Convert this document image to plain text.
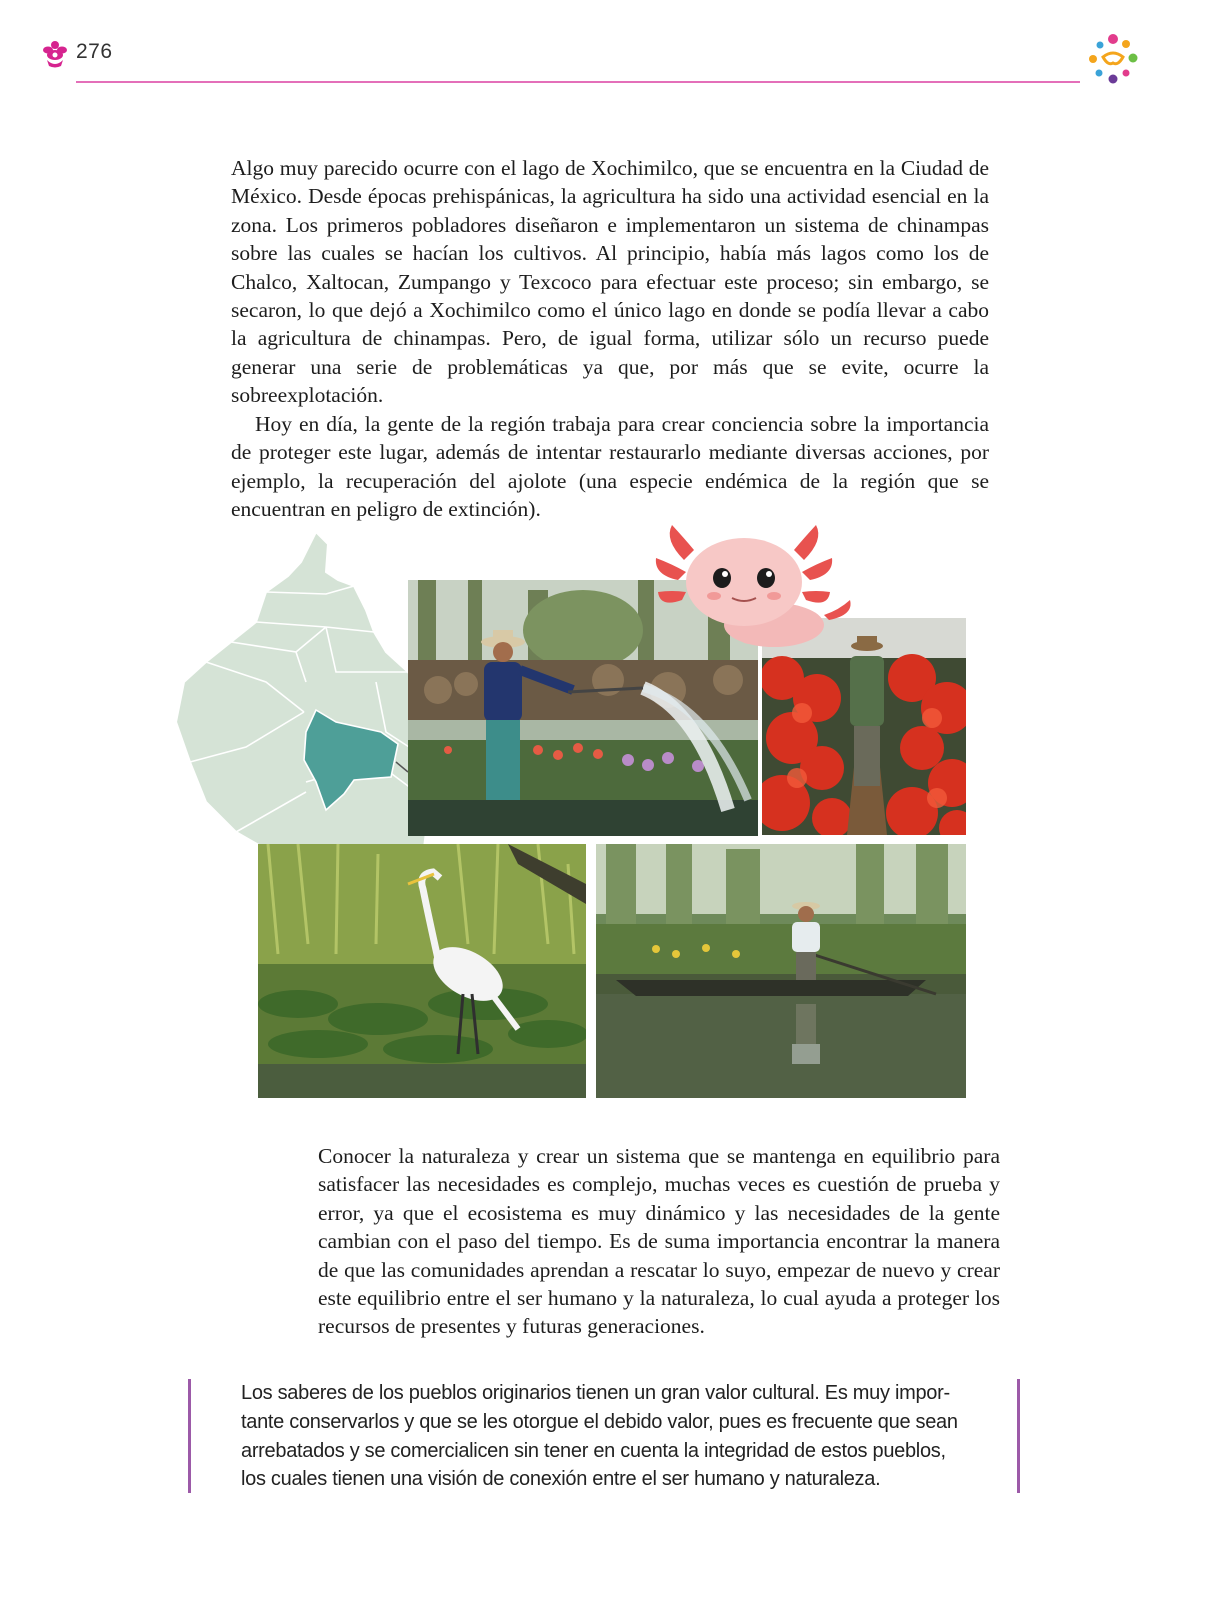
276

Algo muy parecido ocurre con el lago de Xochimilco, que se encuentra en la Ciudad de México. Desde épocas prehispánicas, la agricultura ha sido una actividad esencial en la zona. Los primeros pobladores diseñaron e implementaron un sistema de chinampas sobre las cuales se hacían los cultivos. Al principio, había más lagos como los de Chalco, Xaltocan, Zumpango y Texcoco para efectuar este proceso; sin embargo, se secaron, lo que dejó a Xochimilco como el único lago en donde se podía llevar a cabo la agricultura de chinampas. Pero, de igual forma, utilizar sólo un recurso puede generar una serie de problemáticas ya que, por más que se evite, ocurre la sobreexplotación.

Hoy en día, la gente de la región trabaja para crear conciencia sobre la importancia de proteger este lugar, además de intentar restaurarlo mediante diversas acciones, por ejemplo, la recuperación del ajolote (una especie endémica de la región que se encuentran en peligro de extinción).

Conocer la naturaleza y crear un sistema que se mantenga en equilibrio para satisfacer las necesidades es complejo, muchas veces es cuestión de prueba y error, ya que el ecosistema es muy dinámico y las necesidades de la gente cambian con el paso del tiempo. Es de suma importancia encontrar la manera de que las comunidades aprendan a rescatar lo suyo, empezar de nuevo y crear este equilibrio entre el ser humano y la naturaleza, lo cual ayuda a proteger los recursos de presentes y futuras generaciones.

Los saberes de los pueblos originarios tienen un gran valor cultural. Es muy importante conservarlos y que se les otorgue el debido valor, pues es frecuente que sean arrebatados y se comercialicen sin tener en cuenta la integridad de estos pueblos, los cuales tienen una visión de conexión entre el ser humano y naturaleza.
